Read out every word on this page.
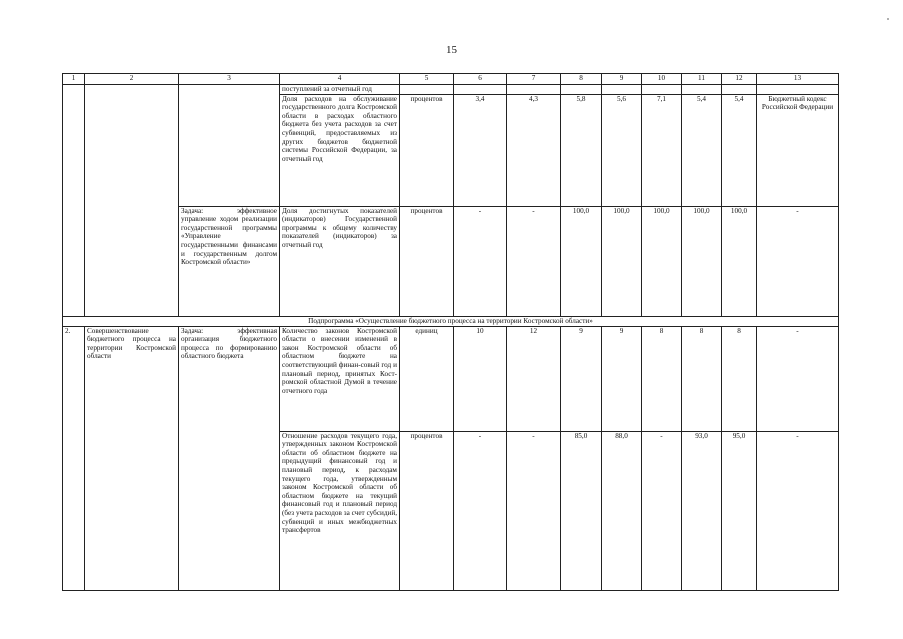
15
1	2	3	4	5	6	7	8	9	10	11	12	13
			поступлений за отчетный год									
			Доля расходов на обслуживание государственного долга Костромской области в расходах областного бюджета без учета расходов за счет субвенций, предоставляемых из других бюджетов бюджетной системы Российской Федерации, за отчетный год	процентов	3,4	4,3	5,8	5,6	7,1	5,4	5,4	Бюджетный кодекс Российской Федерации
		Задача: эффективное управление ходом реализации государственной программы «Управление государственными финансами и государственным долгом Костромской области»	Доля достигнутых показателей (индикаторов) Государственной программы к общему количеству показателей (индикаторов) за отчетный год	процентов	-	-	100,0	100,0	100,0	100,0	100,0	-
Подпрограмма «Осуществление бюджетного процесса на территории Костромской области»												
2.	Совершенствование бюджетного процесса на территории Костромской области	Задача: эффективная организация бюджетного процесса по формированию областного бюджета	Количество законов Костромской области о внесении изменений в закон Костромской области об областном бюджете на соответствующий финан-совый год и плановый период, принятых Кост-ромской областной Думой в течение отчетного года	единиц	10	12	9	9	8	8	8	-
			Отношение расходов текущего года, утвержденных законом Костромской области об областном бюджете на предыдущий финансовый год и плановый период, к расходам текущего года, утвержденным законом Костромской области об областном бюджете на текущий финансовый год и плановый период (без учета расходов за счет субсидий, субвенций и иных межбюджетных трансфертов	процентов	-	-	85,0	88,0	-	93,0	95,0	-
